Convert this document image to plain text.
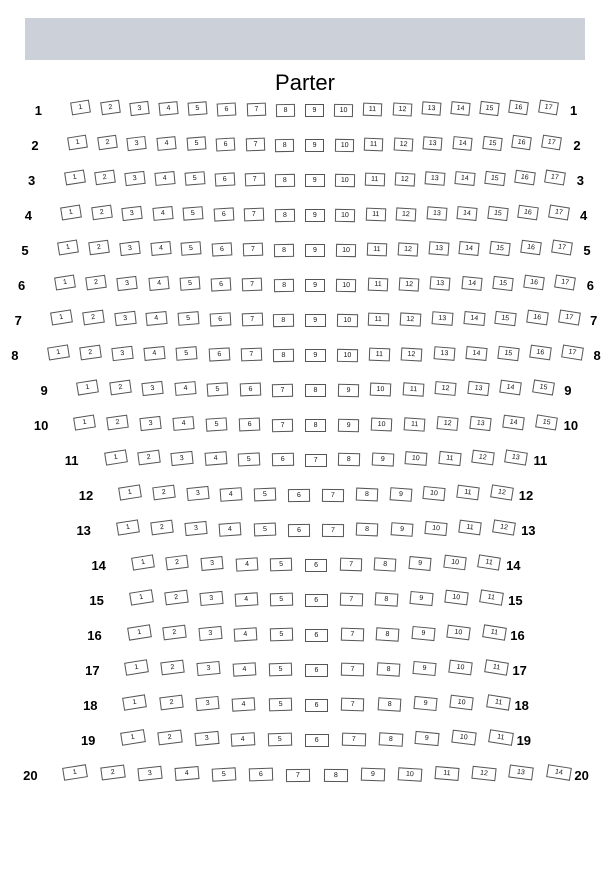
Parter
1	1
1	2	3	4	5	6	7	8	9	10	11	12	13	14	15	16	17
2	2
1	2	3	4	5	6	7	8	9	10	11	12	13	14	15	16	17
3	3
1	2	3	4	5	6	7	8	9	10	11	12	13	14	15	16	17
4	4
1	2	3	4	5	6	7	8	9	10	11	12	13	14	15	16	17
5	5
1	2	3	4	5	6	7	8	9	10	11	12	13	14	15	16	17
6	6
1	2	3	4	5	6	7	8	9	10	11	12	13	14	15	16	17
7	7
1	2	3	4	5	6	7	8	9	10	11	12	13	14	15	16	17
8	8
1	2	3	4	5	6	7	8	9	10	11	12	13	14	15	16	17
9	9
1	2	3	4	5	6	7	8	9	10	11	12	13	14	15
10	10
1	2	3	4	5	6	7	8	9	10	11	12	13	14	15
11	11
1	2	3	4	5	6	7	8	9	10	11	12	13
12	12
1	2	3	4	5	6	7	8	9	10	11	12
13	13
1	2	3	4	5	6	7	8	9	10	11	12
14	14
1	2	3	4	5	6	7	8	9	10	11
15	15
1	2	3	4	5	6	7	8	9	10	11
16	16
1	2	3	4	5	6	7	8	9	10	11
17	17
1	2	3	4	5	6	7	8	9	10	11
18	18
1	2	3	4	5	6	7	8	9	10	11
19	19
1	2	3	4	5	6	7	8	9	10	11
20	20
1	2	3	4	5	6	7	8	9	10	11	12	13	14
